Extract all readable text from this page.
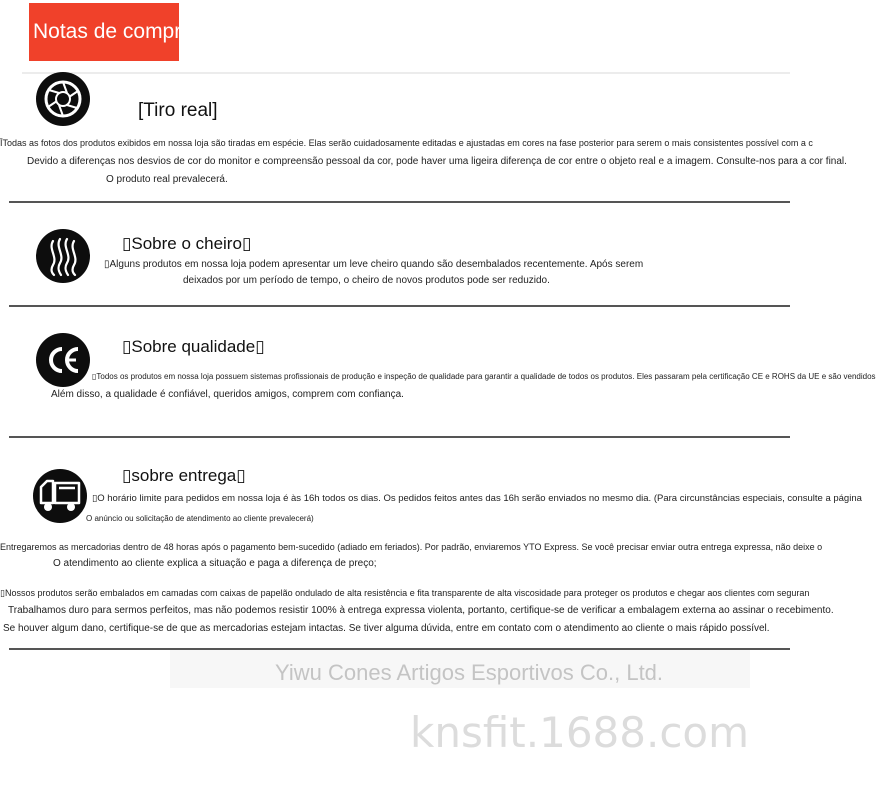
Notas de compra
[Tiro real]
ĪTodas as fotos dos produtos exibidos em nossa loja são tiradas em espécie. Elas serão cuidadosamente editadas e ajustadas em cores na fase posterior para serem o mais consistentes possível com a c
Devido a diferenças nos desvios de cor do monitor e compreensão pessoal da cor, pode haver uma ligeira diferença de cor entre o objeto real e a imagem. Consulte-nos para a cor final.
O produto real prevalecerá.
▯Sobre o cheiro▯
▯Alguns produtos em nossa loja podem apresentar um leve cheiro quando são desembalados recentemente. Após serem
deixados por um período de tempo, o cheiro de novos produtos pode ser reduzido.
▯Sobre qualidade▯
▯Todos os produtos em nossa loja possuem sistemas profissionais de produção e inspeção de qualidade para garantir a qualidade de todos os produtos. Eles passaram pela certificação CE e ROHS da UE e são vendidos
Além disso, a qualidade é confiável, queridos amigos, comprem com confiança.
▯sobre entrega▯
▯O horário limite para pedidos em nossa loja é às 16h todos os dias. Os pedidos feitos antes das 16h serão enviados no mesmo dia. (Para circunstâncias especiais, consulte a página
O anúncio ou solicitação de atendimento ao cliente prevalecerá)
Entregaremos as mercadorias dentro de 48 horas após o pagamento bem-sucedido (adiado em feriados). Por padrão, enviaremos YTO Express. Se você precisar enviar outra entrega expressa, não deixe o
O atendimento ao cliente explica a situação e paga a diferença de preço;
▯Nossos produtos serão embalados em camadas com caixas de papelão ondulado de alta resistência e fita transparente de alta viscosidade para proteger os produtos e chegar aos clientes com seguran
Trabalhamos duro para sermos perfeitos, mas não podemos resistir 100% à entrega expressa violenta, portanto, certifique-se de verificar a embalagem externa ao assinar o recebimento.
Se houver algum dano, certifique-se de que as mercadorias estejam intactas. Se tiver alguma dúvida, entre em contato com o atendimento ao cliente o mais rápido possível.
Yiwu Cones Artigos Esportivos Co., Ltd.
knsfit.1688.com
